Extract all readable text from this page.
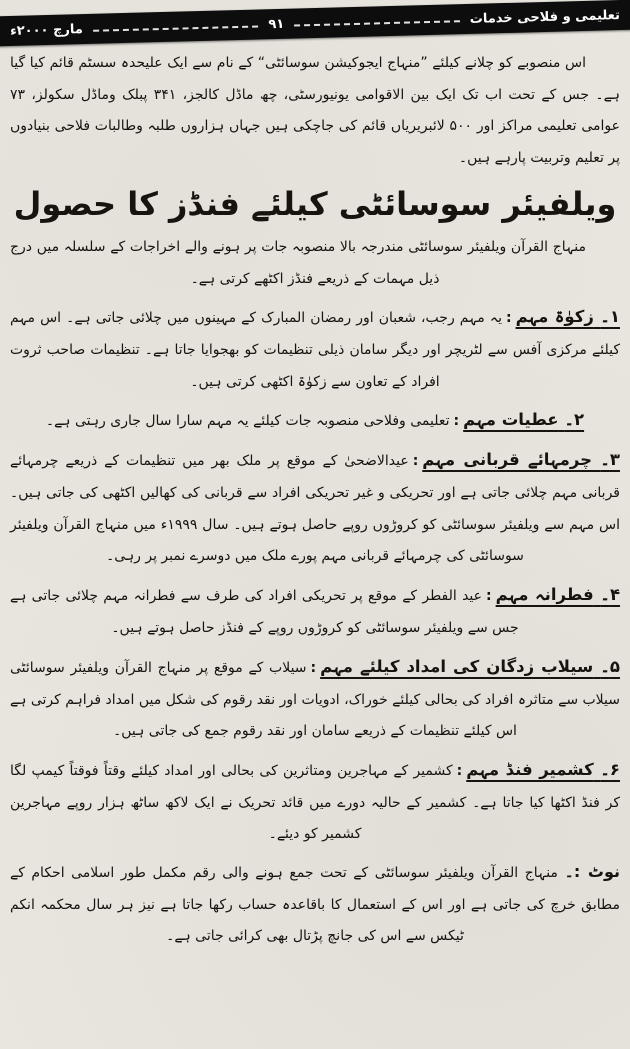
تعلیمی و فلاحی خدمات
۹۱
مارچ ۲۰۰۰ء

اس منصوبے کو چلانے کیلئے ”منہاج ایجوکیشن سوسائٹی“ کے نام سے ایک علیحدہ سسٹم قائم کیا گیا ہے۔ جس کے تحت اب تک ایک بین الاقوامی یونیورسٹی، چھ ماڈل کالجز، ۳۴۱ پبلک وماڈل سکولز، ۷۳ عوامی تعلیمی مراکز اور ۵۰۰ لائبریریاں قائم کی جاچکی ہیں جہاں ہزاروں طلبہ وطالبات فلاحی بنیادوں پر تعلیم وتربیت پارہے ہیں۔

ویلفیئر سوسائٹی کیلئے فنڈز کا حصول

منہاج القرآن ویلفیئر سوسائٹی مندرجہ بالا منصوبہ جات پر ہونے والے اخراجات کے سلسلہ میں درج ذیل مہمات کے ذریعے فنڈز اکٹھے کرتی ہے۔

۱۔ زکوٰۃ مہم:یہ مہم رجب، شعبان اور رمضان المبارک کے مہینوں میں چلائی جاتی ہے۔ اس مہم کیلئے مرکزی آفس سے لٹریچر اور دیگر سامان ذیلی تنظیمات کو بھجوایا جاتا ہے۔ تنظیمات صاحب ثروت افراد کے تعاون سے زکوٰۃ اکٹھی کرتی ہیں۔

۲۔ عطیات مہم:تعلیمی وفلاحی منصوبہ جات کیلئے یہ مہم سارا سال جاری رہتی ہے۔

۳۔ چرمہائے قربانی مہم:عیدالاضحیٰ کے موقع پر ملک بھر میں تنظیمات کے ذریعے چرمہائے قربانی مہم چلائی جاتی ہے اور تحریکی و غیر تحریکی افراد سے قربانی کی کھالیں اکٹھی کی جاتی ہیں۔ اس مہم سے ویلفیئر سوسائٹی کو کروڑوں روپے حاصل ہوتے ہیں۔ سال ۱۹۹۹ء میں منہاج القرآن ویلفیئر سوسائٹی کی چرمہائے قربانی مہم پورے ملک میں دوسرے نمبر پر رہی۔

۴۔ فطرانہ مہم:عید الفطر کے موقع پر تحریکی افراد کی طرف سے فطرانہ مہم چلائی جاتی ہے جس سے ویلفیئر سوسائٹی کو کروڑوں روپے کے فنڈز حاصل ہوتے ہیں۔

۵۔ سیلاب زدگان کی امداد کیلئے مہم:سیلاب کے موقع پر منہاج القرآن ویلفیئر سوسائٹی سیلاب سے متاثرہ افراد کی بحالی کیلئے خوراک، ادویات اور نقد رقوم کی شکل میں امداد فراہم کرتی ہے اس کیلئے تنظیمات کے ذریعے سامان اور نقد رقوم جمع کی جاتی ہیں۔

۶۔ کشمیر فنڈ مہم:کشمیر کے مہاجرین ومتاثرین کی بحالی اور امداد کیلئے وقتاً فوقتاً کیمپ لگا کر فنڈ اکٹھا کیا جاتا ہے۔ کشمیر کے حالیہ دورے میں قائد تحریک نے ایک لاکھ ساٹھ ہزار روپے مہاجرین کشمیر کو دیئے۔

نوٹ :۔ منہاج القرآن ویلفیئر سوسائٹی کے تحت جمع ہونے والی رقم مکمل طور اسلامی احکام کے مطابق خرچ کی جاتی ہے اور اس کے استعمال کا باقاعدہ حساب رکھا جاتا ہے نیز ہر سال محکمہ انکم ٹیکس سے اس کی جانچ پڑتال بھی کرائی جاتی ہے۔
